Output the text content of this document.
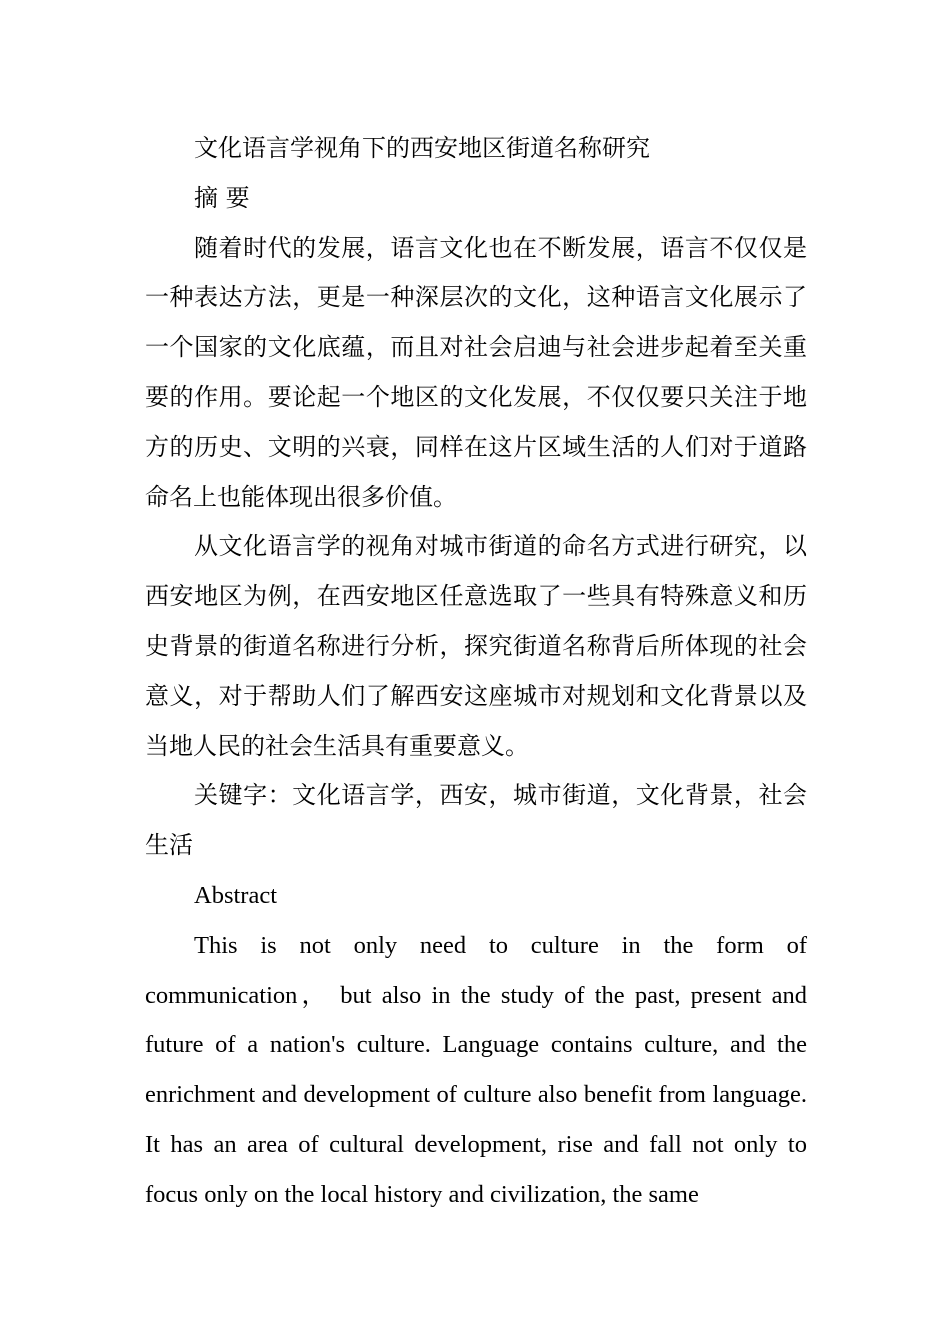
文化语言学视角下的西安地区街道名称研究

摘 要

随着时代的发展，语言文化也在不断发展，语言不仅仅是一种表达方法，更是一种深层次的文化，这种语言文化展示了一个国家的文化底蕴，而且对社会启迪与社会进步起着至关重要的作用。要论起一个地区的文化发展，不仅仅要只关注于地方的历史、文明的兴衰，同样在这片区域生活的人们对于道路命名上也能体现出很多价值。

从文化语言学的视角对城市街道的命名方式进行研究，以西安地区为例，在西安地区任意选取了一些具有特殊意义和历史背景的街道名称进行分析，探究街道名称背后所体现的社会意义，对于帮助人们了解西安这座城市对规划和文化背景以及当地人民的社会生活具有重要意义。

关键字：文化语言学，西安，城市街道，文化背景，社会生活

Abstract

This is not only need to culture in the form of communication， but also in the study of the past, present and future of a nation's culture. Language contains culture, and the enrichment and development of culture also benefit from language. It has an area of cultural development, rise and fall not only to focus only on the local history and civilization, the same
